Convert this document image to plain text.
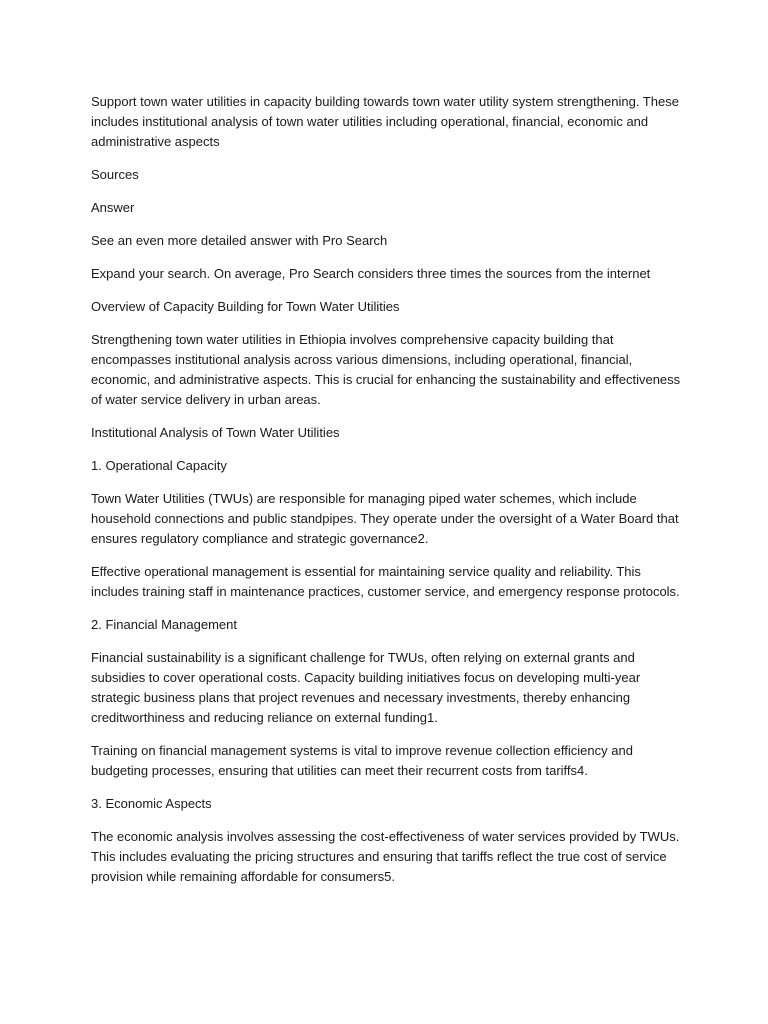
Support town water utilities in capacity building towards town water utility system strengthening. These includes institutional analysis of town water utilities including operational, financial, economic and administrative aspects

Sources

Answer

See an even more detailed answer with Pro Search

Expand your search. On average, Pro Search considers three times the sources from the internet

Overview of Capacity Building for Town Water Utilities

Strengthening town water utilities in Ethiopia involves comprehensive capacity building that encompasses institutional analysis across various dimensions, including operational, financial, economic, and administrative aspects. This is crucial for enhancing the sustainability and effectiveness of water service delivery in urban areas.

Institutional Analysis of Town Water Utilities

1. Operational Capacity

Town Water Utilities (TWUs) are responsible for managing piped water schemes, which include household connections and public standpipes. They operate under the oversight of a Water Board that ensures regulatory compliance and strategic governance2.

Effective operational management is essential for maintaining service quality and reliability. This includes training staff in maintenance practices, customer service, and emergency response protocols.

2. Financial Management

Financial sustainability is a significant challenge for TWUs, often relying on external grants and subsidies to cover operational costs. Capacity building initiatives focus on developing multi-year strategic business plans that project revenues and necessary investments, thereby enhancing creditworthiness and reducing reliance on external funding1.

Training on financial management systems is vital to improve revenue collection efficiency and budgeting processes, ensuring that utilities can meet their recurrent costs from tariffs4.

3. Economic Aspects

The economic analysis involves assessing the cost-effectiveness of water services provided by TWUs. This includes evaluating the pricing structures and ensuring that tariffs reflect the true cost of service provision while remaining affordable for consumers5.
